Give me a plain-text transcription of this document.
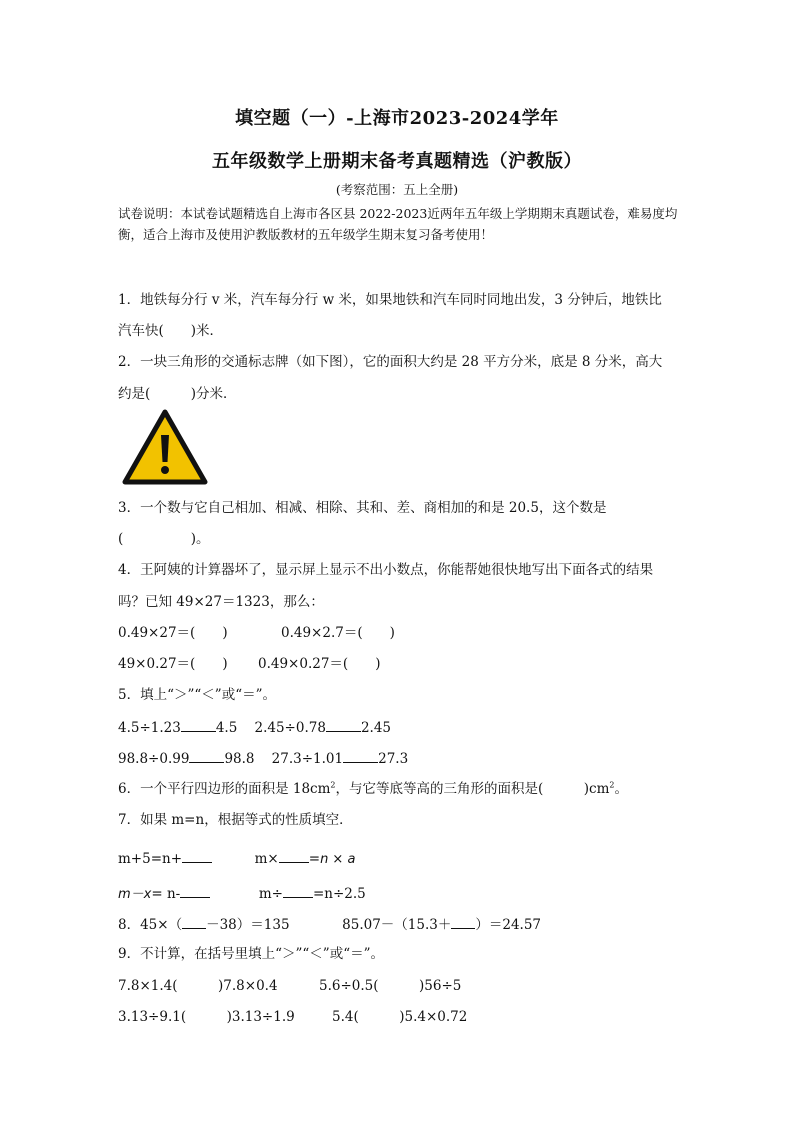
填空题（一）-上海市2023-2024学年
五年级数学上册期末备考真题精选（沪教版）
(考察范围：五上全册)
试卷说明：本试卷试题精选自上海市各区县 2022-2023近两年五年级上学期期末真题试卷，难易度均衡，适合上海市及使用沪教版教材的五年级学生期末复习备考使用！
1．地铁每分行 v 米，汽车每分行 w 米，如果地铁和汽车同时同地出发，3 分钟后，地铁比
汽车快(　　)米．
2．一块三角形的交通标志牌（如下图），它的面积大约是 28 平方分米，底是 8 分米，高大
约是(　　　)分米．
3．一个数与它自己相加、相减、相除、其和、差、商相加的和是 20.5，这个数是
(　　　　　)。
4．王阿姨的计算器坏了，显示屏上显示不出小数点，你能帮她很快地写出下面各式的结果
吗？已知 49×27＝1323，那么：
0.49×27＝(　　)	0.49×2.7＝(　　)
49×0.27＝(　　) 0.49×0.27＝(　　)
5．填上“＞”“＜”或“＝”。
4.5÷1.23	4.5 2.45÷0.78	2.45
98.8÷0.99	98.8 27.3÷1.01	27.3
6．一个平行四边形的面积是 $18cm^2$，与它等底等高的三角形的面积是(　　　)$cm^2$。
7．如果 m=n，根据等式的性质填空．
m+5=n+	m× =n × a
m－x= n-	m÷ =n÷2.5
8．45×（ －38）＝135	85.07－（15.3＋ ）＝24.57
9．不计算，在括号里填上“＞”“＜”或“＝”。
7.8×1.4(　　　)7.8×0.4	5.6÷0.5(　　　)56÷5
3.13÷9.1(　　　)3.13÷1.9	5.4(　　　)5.4×0.72
